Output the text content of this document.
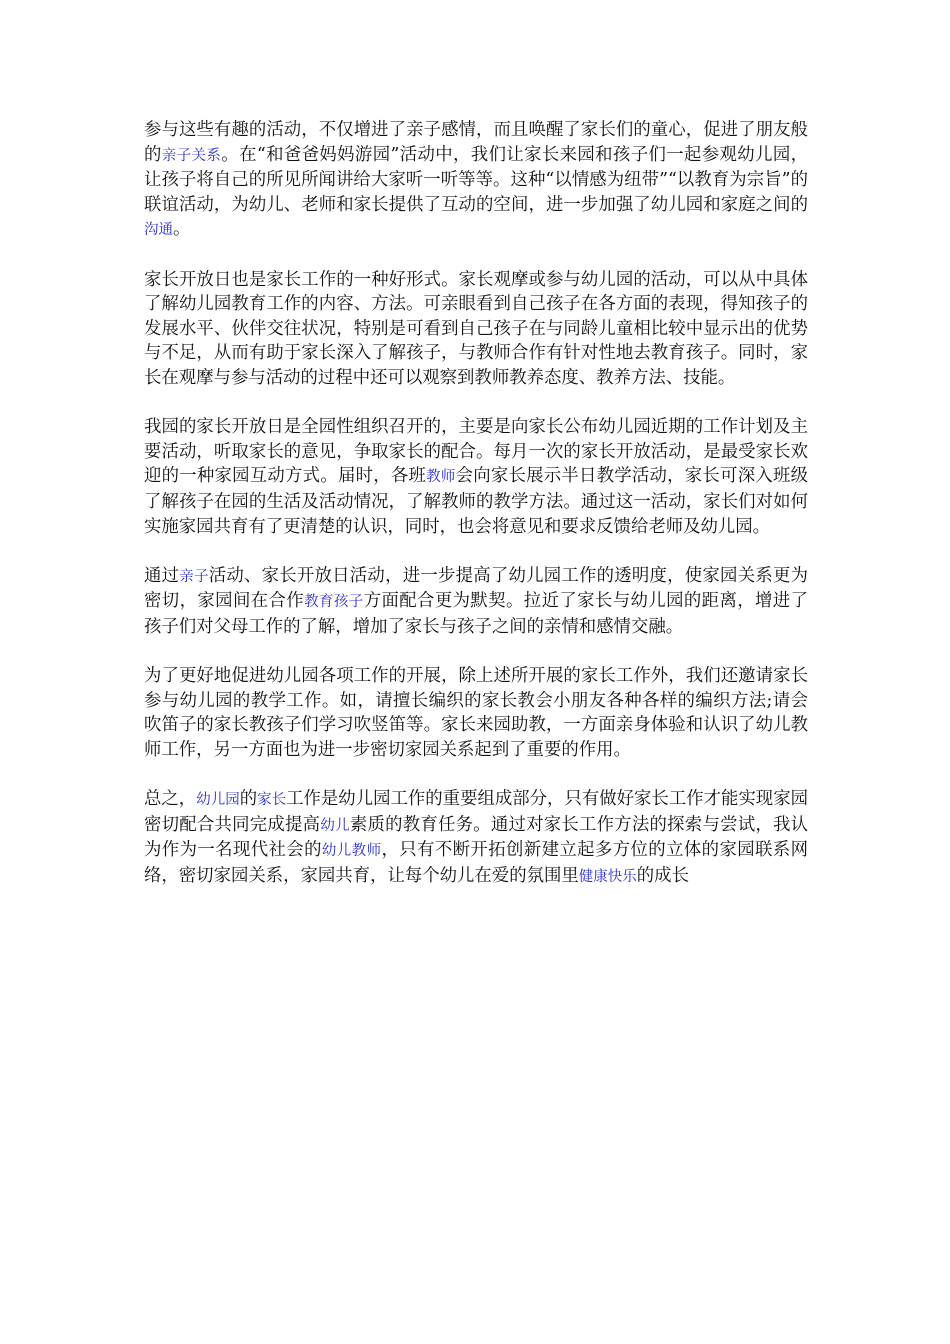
参与这些有趣的活动，不仅增进了亲子感情，而且唤醒了家长们的童心，促进了朋友般的亲子关系。在“和爸爸妈妈游园”活动中，我们让家长来园和孩子们一起参观幼儿园，让孩子将自己的所见所闻讲给大家听一听等等。这种“以情感为纽带”“以教育为宗旨”的联谊活动，为幼儿、老师和家长提供了互动的空间，进一步加强了幼儿园和家庭之间的沟通。

家长开放日也是家长工作的一种好形式。家长观摩或参与幼儿园的活动，可以从中具体了解幼儿园教育工作的内容、方法。可亲眼看到自己孩子在各方面的表现，得知孩子的发展水平、伙伴交往状况，特别是可看到自己孩子在与同龄儿童相比较中显示出的优势与不足，从而有助于家长深入了解孩子，与教师合作有针对性地去教育孩子。同时，家长在观摩与参与活动的过程中还可以观察到教师教养态度、教养方法、技能。

我园的家长开放日是全园性组织召开的，主要是向家长公布幼儿园近期的工作计划及主要活动，听取家长的意见，争取家长的配合。每月一次的家长开放活动，是最受家长欢迎的一种家园互动方式。届时，各班教师会向家长展示半日教学活动，家长可深入班级了解孩子在园的生活及活动情况，了解教师的教学方法。通过这一活动，家长们对如何实施家园共育有了更清楚的认识，同时，也会将意见和要求反馈给老师及幼儿园。

通过亲子活动、家长开放日活动，进一步提高了幼儿园工作的透明度，使家园关系更为密切，家园间在合作教育孩子方面配合更为默契。拉近了家长与幼儿园的距离，增进了孩子们对父母工作的了解，增加了家长与孩子之间的亲情和感情交融。

为了更好地促进幼儿园各项工作的开展，除上述所开展的家长工作外，我们还邀请家长参与幼儿园的教学工作。如，请擅长编织的家长教会小朋友各种各样的编织方法;请会吹笛子的家长教孩子们学习吹竖笛等。家长来园助教，一方面亲身体验和认识了幼儿教师工作，另一方面也为进一步密切家园关系起到了重要的作用。

总之，幼儿园的家长工作是幼儿园工作的重要组成部分，只有做好家长工作才能实现家园密切配合共同完成提高幼儿素质的教育任务。通过对家长工作方法的探索与尝试，我认为作为一名现代社会的幼儿教师，只有不断开拓创新建立起多方位的立体的家园联系网络，密切家园关系，家园共育，让每个幼儿在爱的氛围里健康快乐的成长
